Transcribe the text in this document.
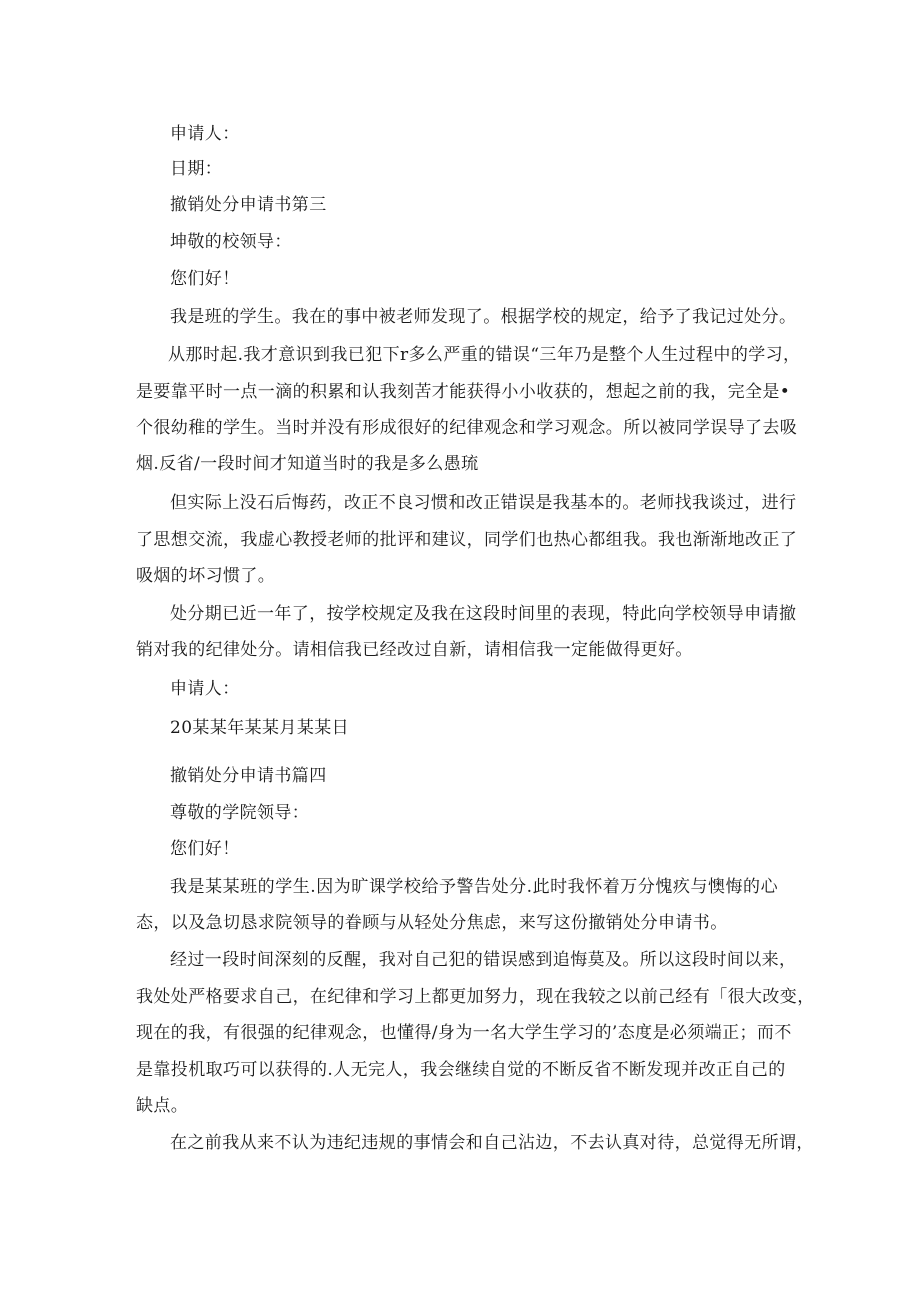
申请人：
日期：
撤销处分申请书第三
坤敬的校领导：
您们好！
我是班的学生。我在的事中被老师发现了。根据学校的规定，给予了我记过处分。
从那时起.我才意识到我已犯下r多么严重的错误“三年乃是整个人生过程中的学习，
是要靠平时一点一滴的积累和认我刻苦才能获得小小收获的，想起之前的我，完全是•
个很幼稚的学生。当时并没有形成很好的纪律观念和学习观念。所以被同学误导了去吸
烟.反省/一段时间才知道当时的我是多么愚琉
但实际上没石后悔药，改正不良习惯和改正错误是我基本的。老师找我谈过，进行
了思想交流，我虚心教授老师的批评和建议，同学们也热心都组我。我也渐渐地改正了
吸烟的坏习惯了。
处分期已近一年了，按学校规定及我在这段时间里的表现，特此向学校领导申请撤
销对我的纪律处分。请相信我已经改过自新，请相信我一定能做得更好。
申请人：
20某某年某某月某某日
撤销处分申请书篇四
尊敬的学院领导：
您们好！
我是某某班的学生.因为旷课学校给予警告处分.此时我怀着万分愧疚与懊悔的心
态，以及急切恳求院领导的眷顾与从轻处分焦虑，来写这份撤销处分申请书。
经过一段时间深刻的反醒，我对自己犯的错误感到追悔莫及。所以这段时间以来，
我处处严格要求自己，在纪律和学习上都更加努力，现在我较之以前己经有「很大改变，
现在的我，有很强的纪律观念，也懂得/身为一名大学生学习的’态度是必须端正；而不
是靠投机取巧可以获得的.人无完人，我会继续自觉的不断反省不断发现并改正自己的
缺点。
在之前我从来不认为违纪违规的事情会和自己沾边，不去认真对待，总觉得无所谓，
